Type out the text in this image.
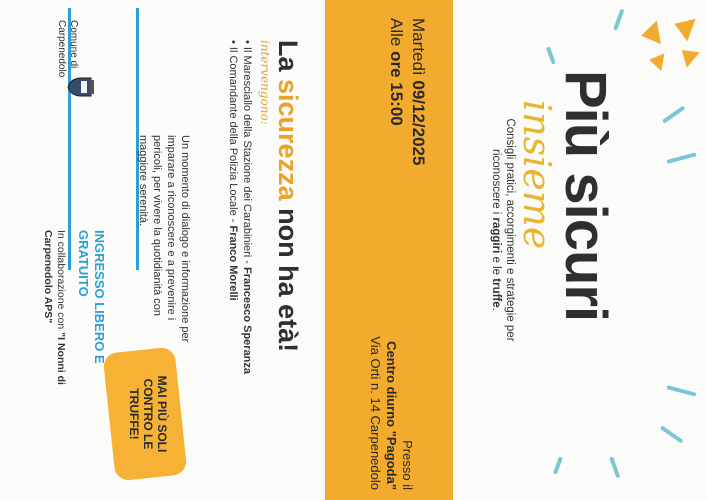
Più sicuri
insieme
Consigli pratici, accorgimenti e strategie per riconoscere i raggiri e le truffe.
Martedì 09/12/2025
Alle ore 15:00
Presso il
Centro diurno "Pagoda"
Via Orti n. 14 Carpenedolo
La sicurezza non ha età!
intervengono:
• Il Maresciallo della Stazione dei Carabinieri - Francesco Speranza
• Il Comandante della Polizia Locale - Franco Morelli
Un momento di dialogo e informazione per imparare a riconoscere e a prevenire i pericoli, per vivere la quotidianità con maggiore serenità.
MAI PIÙ SOLI CONTRO LE TRUFFE!
INGRESSO LIBERO E GRATUITO
In collaborazione con "I Nonni di Carpenedolo APS"
Comune di Carpenedolo
